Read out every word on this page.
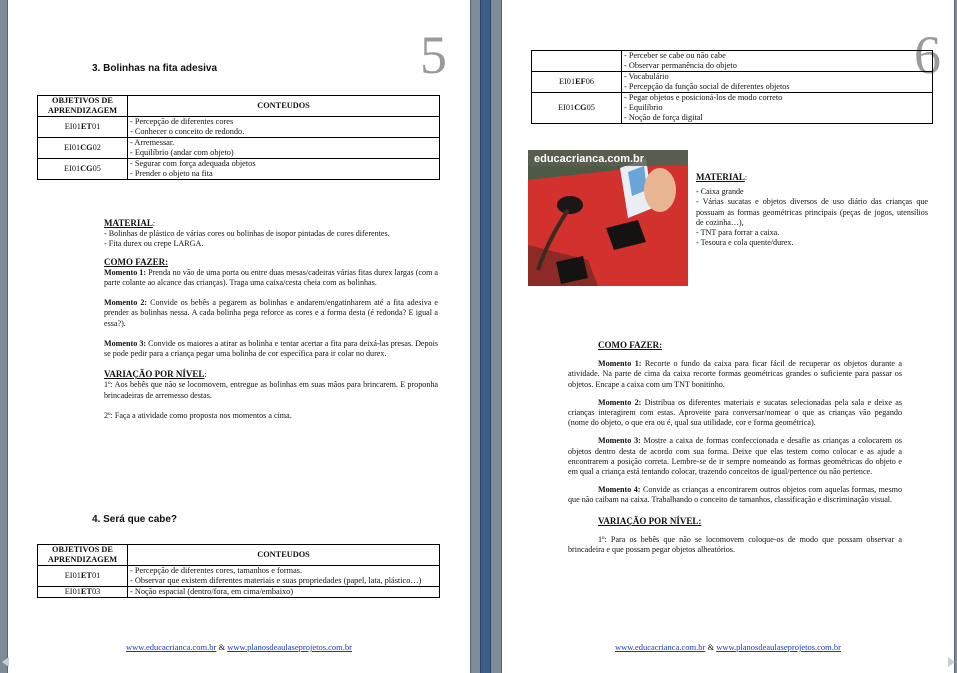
5
3. Bolinhas na fita adesiva
OBJETIVOS DE APRENDIZAGEM	CONTEUDOS
EI01ET01	- Percepção de diferentes cores
- Conhecer o conceito de redondo.

EI01CG02	- Arremessar.
- Equilíbrio (andar com objeto)

EI01CG05	- Segurar com força adequada objetos
- Prender o objeto na fita

MATERIAL:

- Bolinhas de plástico de várias cores ou bolinhas de isopor pintadas de cores diferentes.

- Fita durex ou crepe LARGA.

COMO FAZER:

Momento 1: Prenda no vão de uma porta ou entre duas mesas/cadeiras várias fitas durex largas (com a parte colante ao alcance das crianças). Traga uma caixa/cesta cheia com as bolinhas.

Momento 2: Convide os bebês a pegarem as bolinhas e andarem/engatinharem até a fita adesiva e prender as bolinhas nessa. A cada bolinha pega reforce as cores e a forma desta (é redonda? E igual a essa?).

Momento 3: Convide os maiores a atirar as bolinha e tentar acertar a fita para deixá-las presas. Depois se pode pedir para a criança pegar uma bolinha de cor específica para ir colar no durex.

VARIAÇÃO POR NÍVEL:

1º: Aos bebês que não se locomovem, entregue as bolinhas em suas mãos para brincarem. E proponha brincadeiras de arremesso destas.

2º: Faça a atividade como proposta nos momentos a cima.

4. Será que cabe?
OBJETIVOS DE APRENDIZAGEM	CONTEUDOS
EI01ET01	- Percepção de diferentes cores, tamanhos e formas.
- Observar que existem diferentes materiais e suas propriedades (papel, lata, plástico…)

EI01ET03	- Noção espacial (dentro/fora, em cima/embaixo)
www.educacrianca.com.br & www.planosdeaulaseprojetos.com.br
6

	- Perceber se cabe ou não cabe
- Observar permanência do objeto

EI01EF06	- Vocabulário
- Percepção da função social de diferentes objetos

EI01CG05	- Pegar objetos e posicioná-los de modo correto
- Equilíbrio
- Noção de força digital
educacrianca.com.br

MATERIAL:

- Caixa grande

- Várias sucatas e objetos diversos de uso diário das crianças que possuam as formas geométricas principais (peças de jogos, utensílios de cozinha…),

- TNT para forrar a caixa.

- Tesoura e cola quente/durex.

COMO FAZER:

Momento 1: Recorte o fundo da caixa para ficar fácil de recuperar os objetos durante a atividade. Na parte de cima da caixa recorte formas geométricas grandes o suficiente para passar os objetos. Encape a caixa com um TNT bonitinho.

Momento 2: Distribua os diferentes materiais e sucatas selecionadas pela sala e deixe as crianças interagirem com estas. Aproveite para conversar/nomear o que as crianças vão pegando (nome do objeto, o que era ou é, qual sua utilidade, cor e forma geométrica).

Momento 3: Mostre a caixa de formas confeccionada e desafie as crianças a colocarem os objetos dentro desta de acordo com sua forma. Deixe que elas testem como colocar e as ajude a encontrarem a posição correta. Lembre-se de ir sempre nomeando as formas geométricas do objeto e em qual a criança está tentando colocar, trazendo conceitos de igual/pertence ou não pertence.

Momento 4: Convide as crianças a encontrarem outros objetos com aquelas formas, mesmo que não caibam na caixa. Trabalhando o conceito de tamanhos, classificação e discriminação visual.

VARIAÇÃO POR NÍVEL:

1º: Para os bebês que não se locomovem coloque-os de modo que possam observar a brincadeira e que possam pegar objetos alheatórios.

www.educacrianca.com.br & www.planosdeaulaseprojetos.com.br
